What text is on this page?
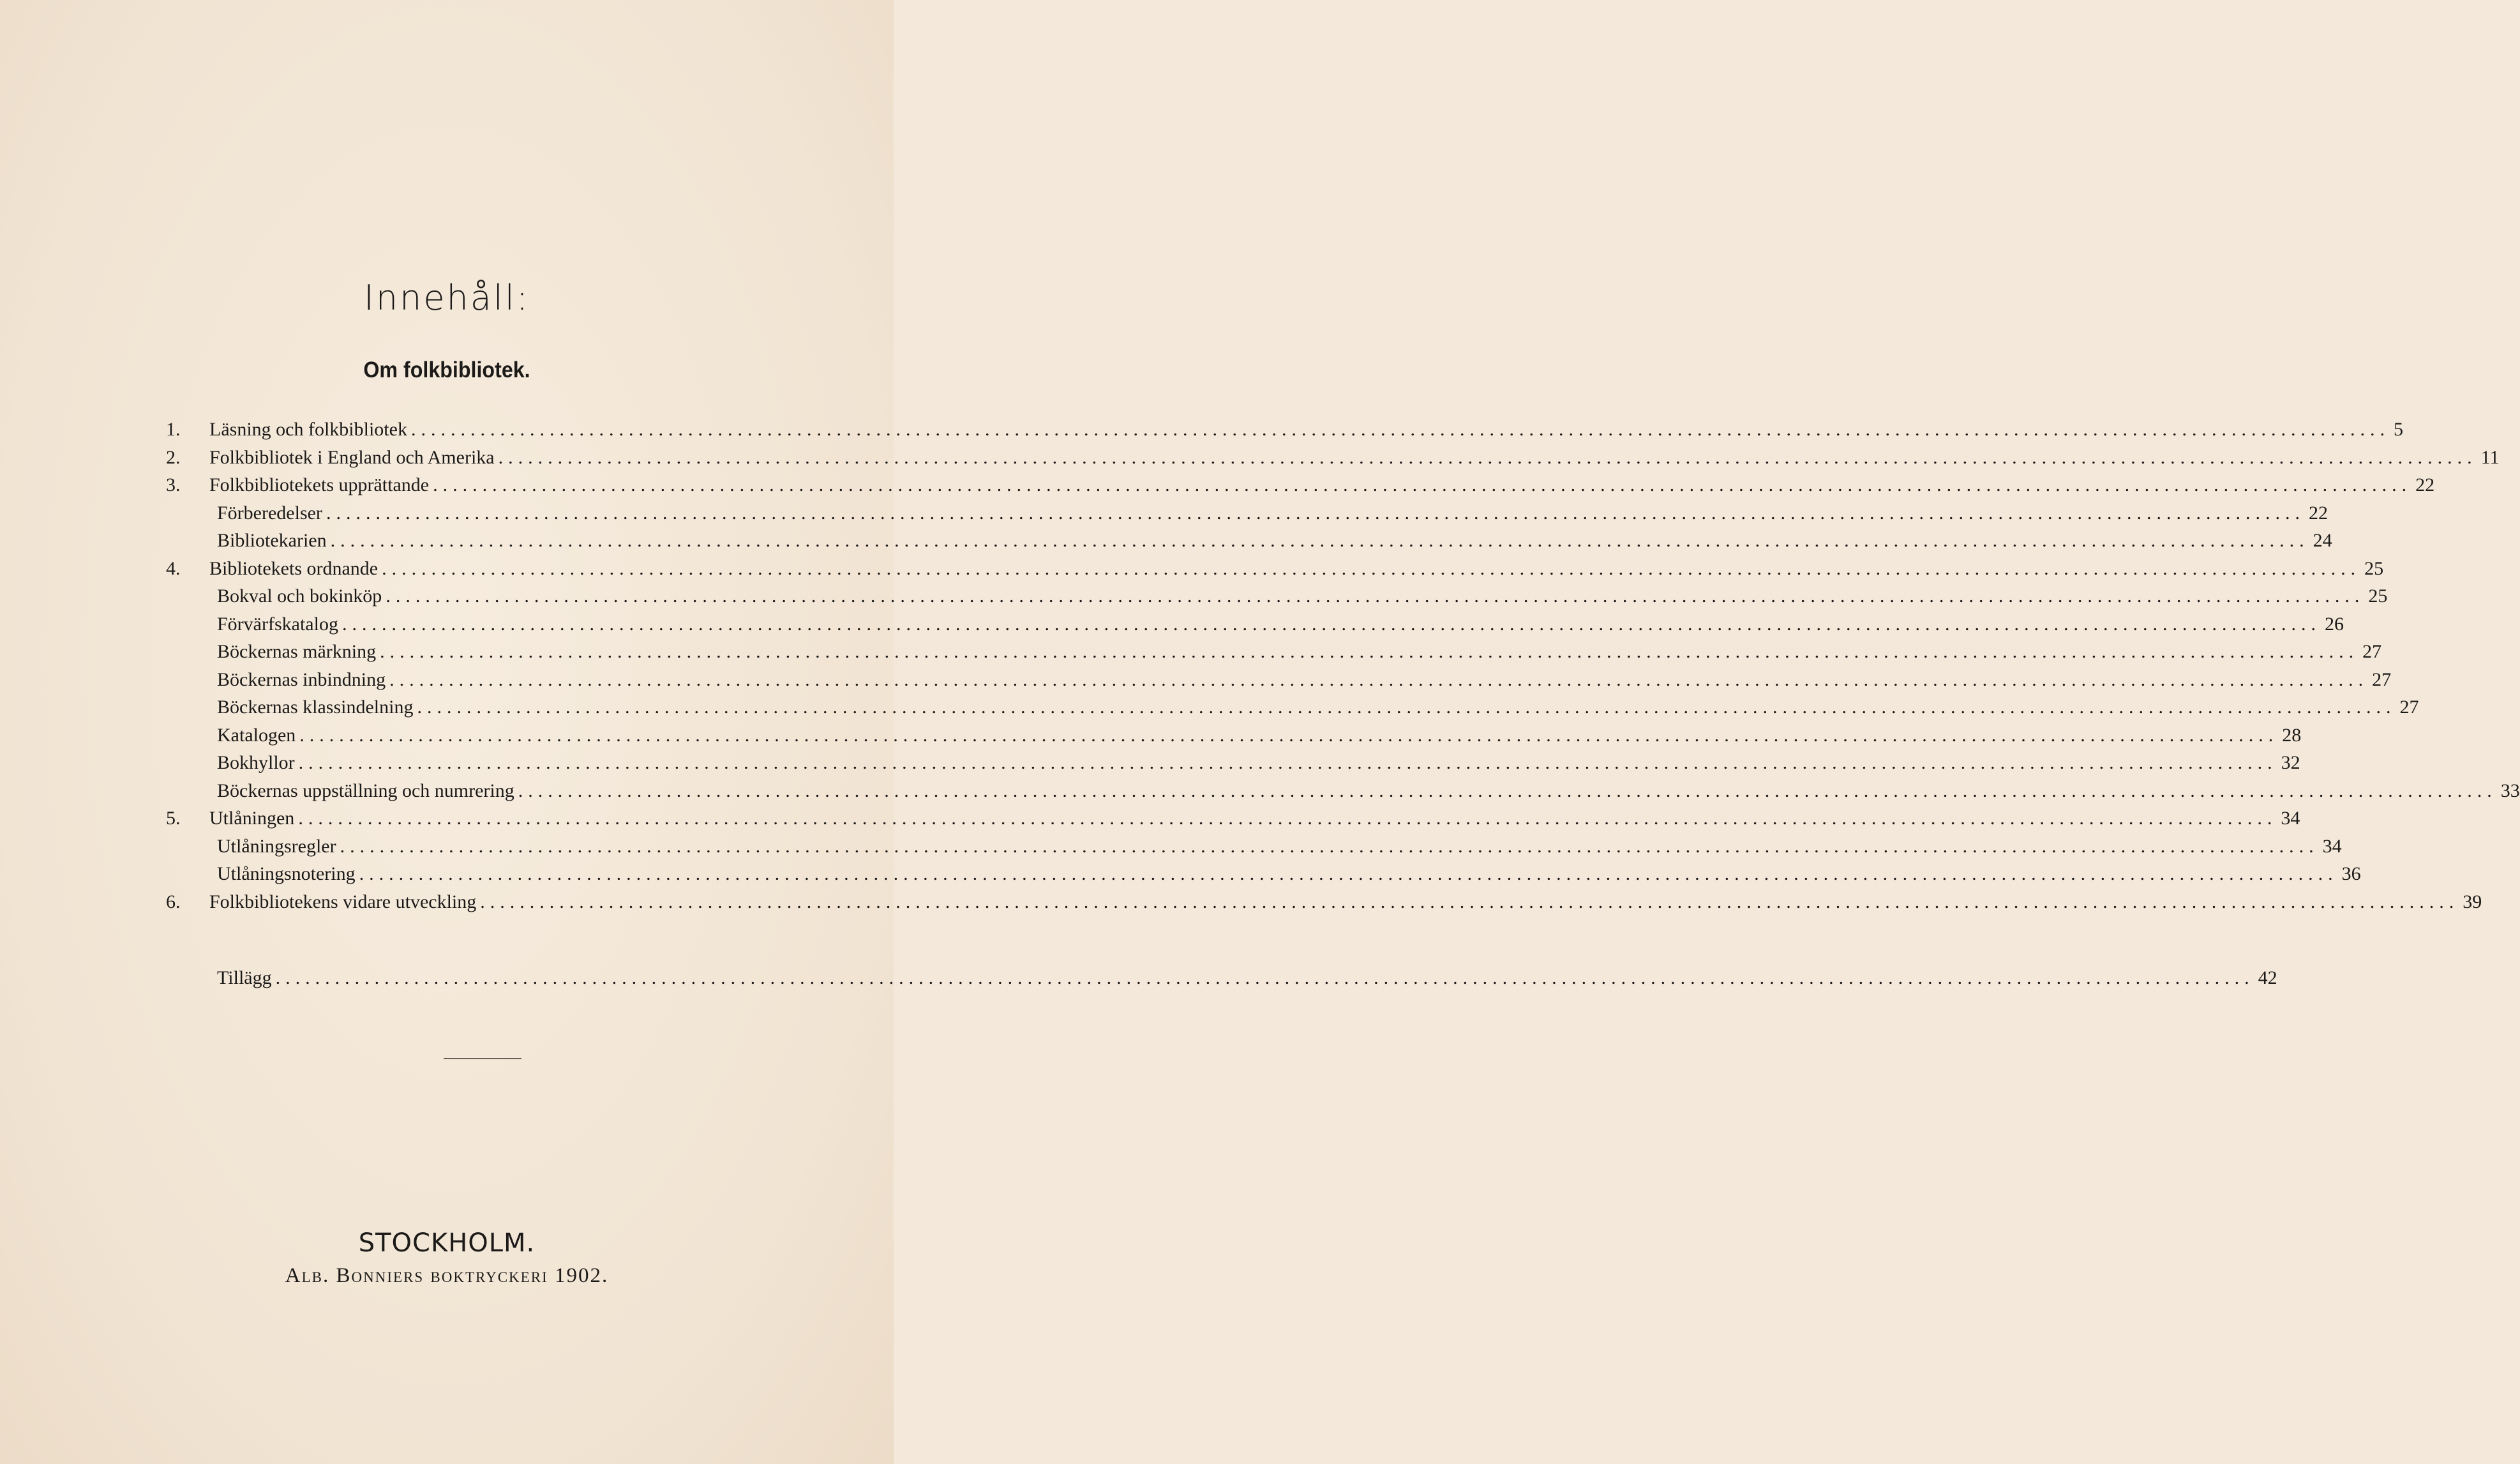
Innehåll:
Om folkbibliotek.
1.	Läsning och folkbibliotek ........................................................................................................................................................................................................ 5
2.	Folkbibliotek i England och Amerika ........................................................................................................................................................................................................ 11
3.	Folkbibliotekets upprättande ........................................................................................................................................................................................................ 22
Förberedelser ........................................................................................................................................................................................................ 22
Bibliotekarien ........................................................................................................................................................................................................ 24
4.	Bibliotekets ordnande ........................................................................................................................................................................................................ 25
Bokval och bokinköp ........................................................................................................................................................................................................ 25
Förvärfskatalog ........................................................................................................................................................................................................ 26
Böckernas märkning ........................................................................................................................................................................................................ 27
Böckernas inbindning ........................................................................................................................................................................................................ 27
Böckernas klassindelning ........................................................................................................................................................................................................ 27
Katalogen ........................................................................................................................................................................................................ 28
Bokhyllor ........................................................................................................................................................................................................ 32
Böckernas uppställning och numrering ........................................................................................................................................................................................................ 33
5.	Utlåningen ........................................................................................................................................................................................................ 34
Utlåningsregler ........................................................................................................................................................................................................ 34
Utlåningsnotering ........................................................................................................................................................................................................ 36
6.	Folkbibliotekens vidare utveckling ........................................................................................................................................................................................................ 39
Tillägg ........................................................................................................................................................................................................ 42
STOCKHOLM.
Alb. Bonniers boktryckeri 1902.
